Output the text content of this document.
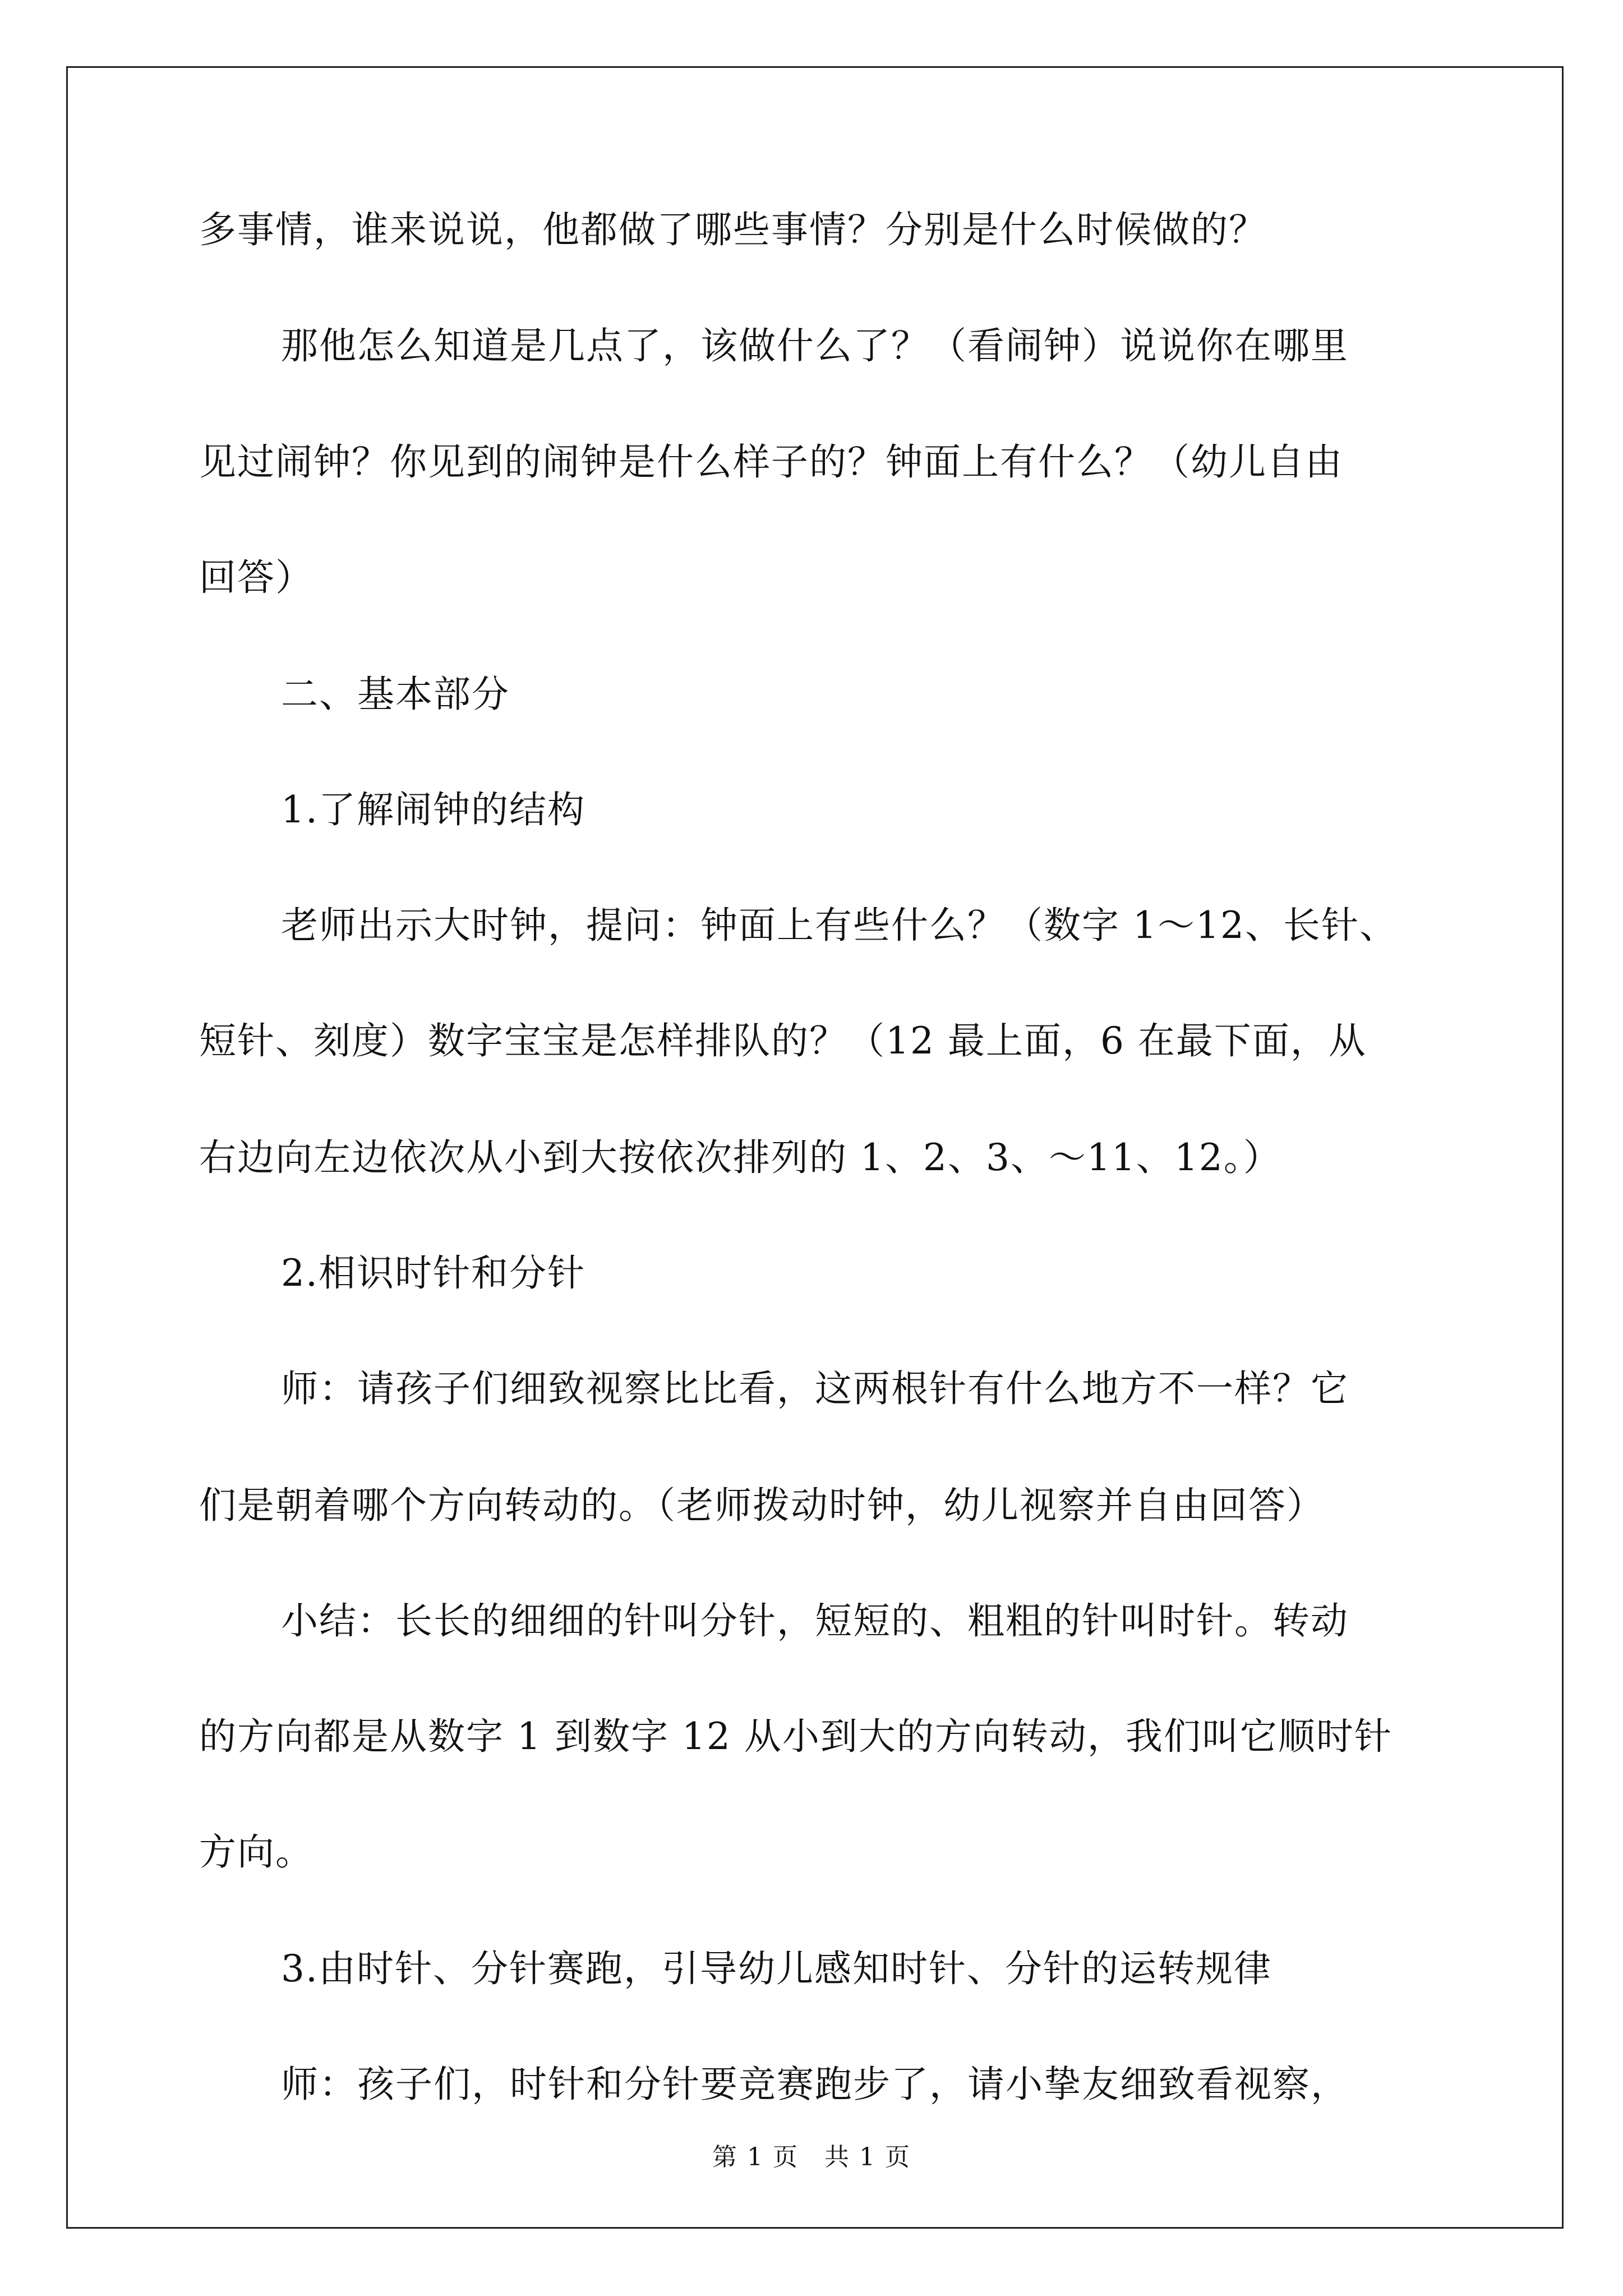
多事情，谁来说说，他都做了哪些事情？分别是什么时候做的？
那他怎么知道是几点了，该做什么了？（看闹钟）说说你在哪里
见过闹钟？你见到的闹钟是什么样子的？钟面上有什么？（幼儿自由
回答）
二、基本部分
1.了解闹钟的结构
老师出示大时钟，提问：钟面上有些什么？（数字 1～12、长针、
短针、刻度）数字宝宝是怎样排队的？（12 最上面，6 在最下面，从
右边向左边依次从小到大按依次排列的 1、2、3、～11、12。）
2.相识时针和分针
师：请孩子们细致视察比比看，这两根针有什么地方不一样？它
们是朝着哪个方向转动的。（老师拨动时钟，幼儿视察并自由回答）
小结：长长的细细的针叫分针，短短的、粗粗的针叫时针。转动
的方向都是从数字 1 到数字 12 从小到大的方向转动，我们叫它顺时针
方向。
3.由时针、分针赛跑，引导幼儿感知时针、分针的运转规律
师：孩子们，时针和分针要竞赛跑步了，请小挚友细致看视察，
第 1 页　共 1 页
